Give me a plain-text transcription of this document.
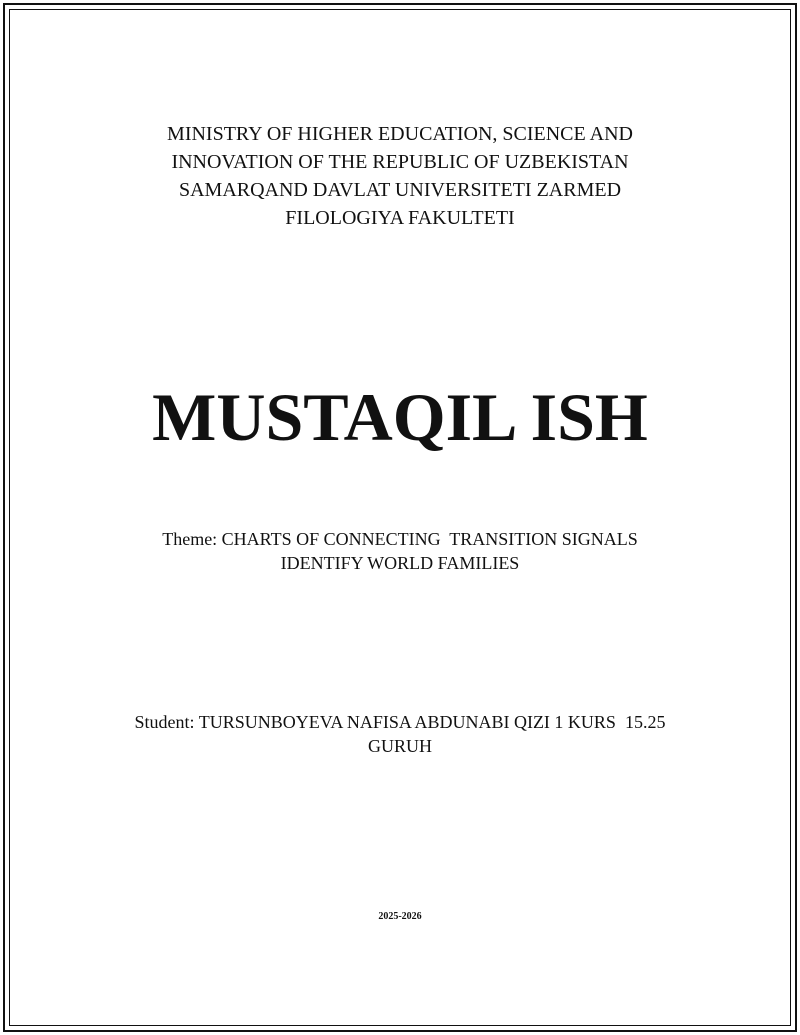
MINISTRY OF HIGHER EDUCATION, SCIENCE AND
INNOVATION OF THE REPUBLIC OF UZBEKISTAN
SAMARQAND DAVLAT UNIVERSITETI ZARMED
FILOLOGIYA FAKULTETI
MUSTAQIL ISH
Theme: CHARTS OF CONNECTING  TRANSITION SIGNALS
IDENTIFY WORLD FAMILIES
Student: TURSUNBOYEVA NAFISA ABDUNABI QIZI 1 KURS  15.25
GURUH
2025-2026
